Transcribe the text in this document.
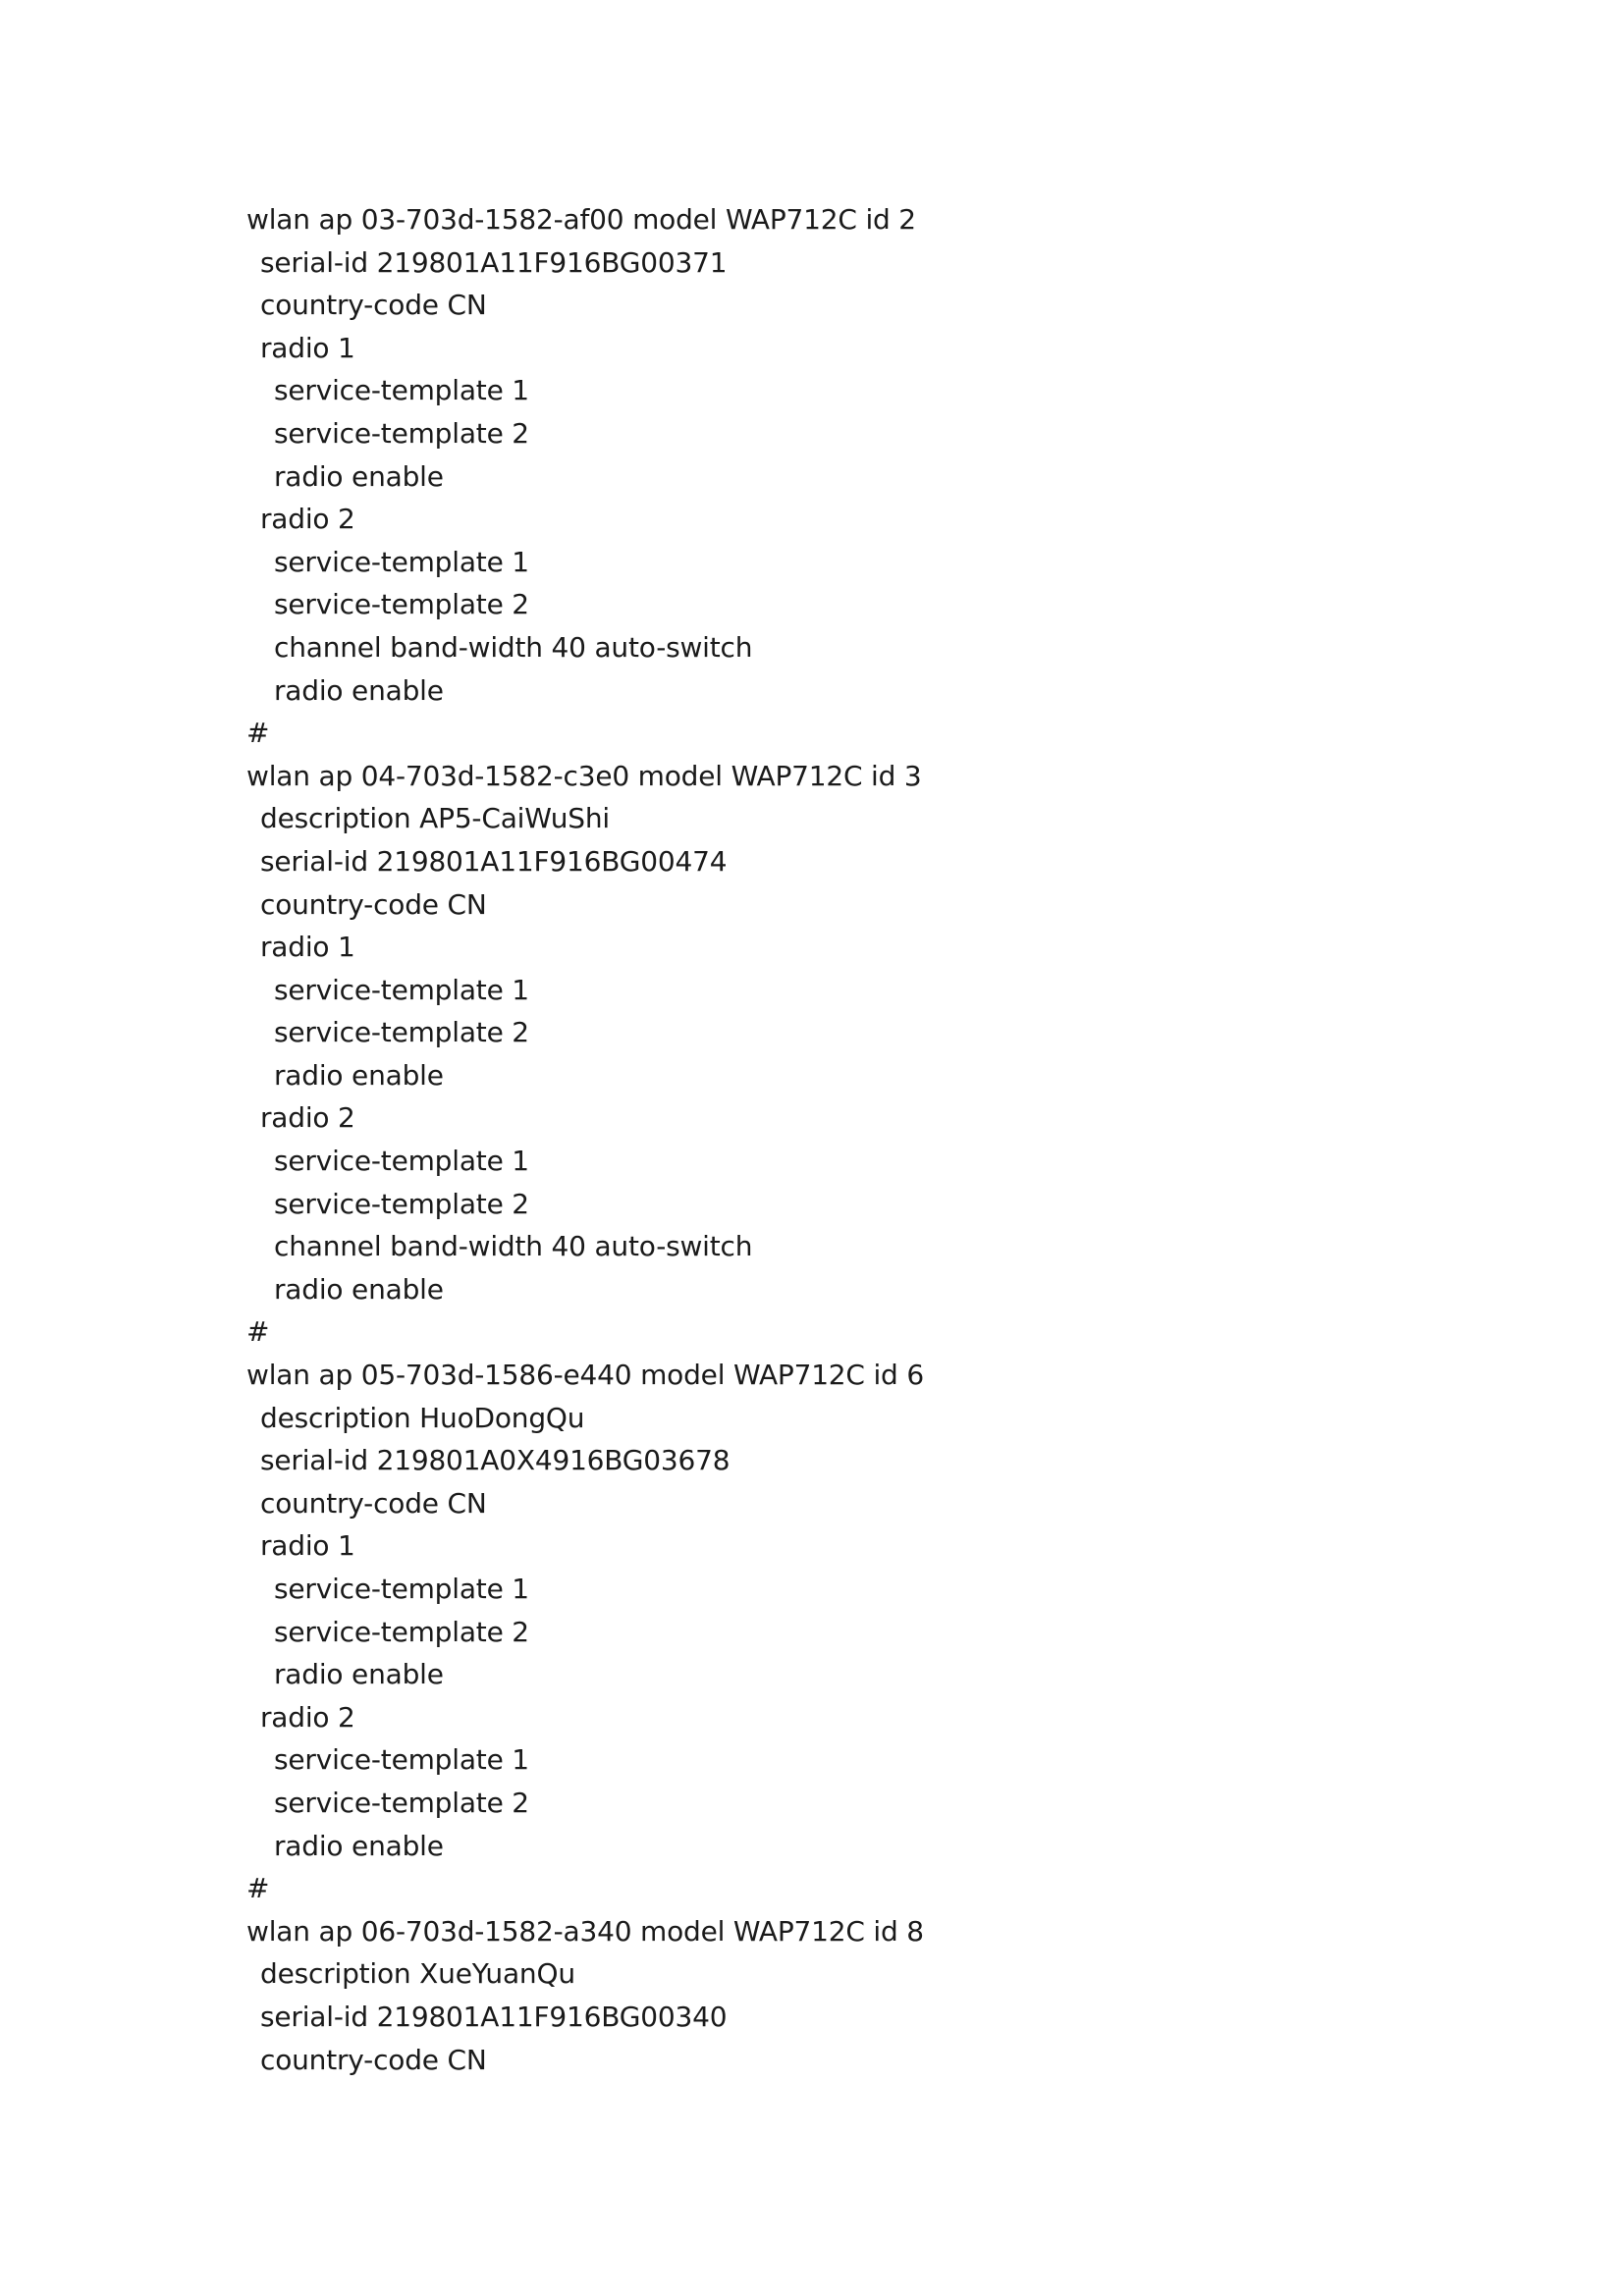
wlan ap 03-703d-1582-af00 model WAP712C id 2
serial-id 219801A11F916BG00371
country-code CN
radio 1
service-template 1
service-template 2
radio enable
radio 2
service-template 1
service-template 2
channel band-width 40 auto-switch
radio enable
#
wlan ap 04-703d-1582-c3e0 model WAP712C id 3
description AP5-CaiWuShi
serial-id 219801A11F916BG00474
country-code CN
radio 1
service-template 1
service-template 2
radio enable
radio 2
service-template 1
service-template 2
channel band-width 40 auto-switch
radio enable
#
wlan ap 05-703d-1586-e440 model WAP712C id 6
description HuoDongQu
serial-id 219801A0X4916BG03678
country-code CN
radio 1
service-template 1
service-template 2
radio enable
radio 2
service-template 1
service-template 2
radio enable
#
wlan ap 06-703d-1582-a340 model WAP712C id 8
description XueYuanQu
serial-id 219801A11F916BG00340
country-code CN
